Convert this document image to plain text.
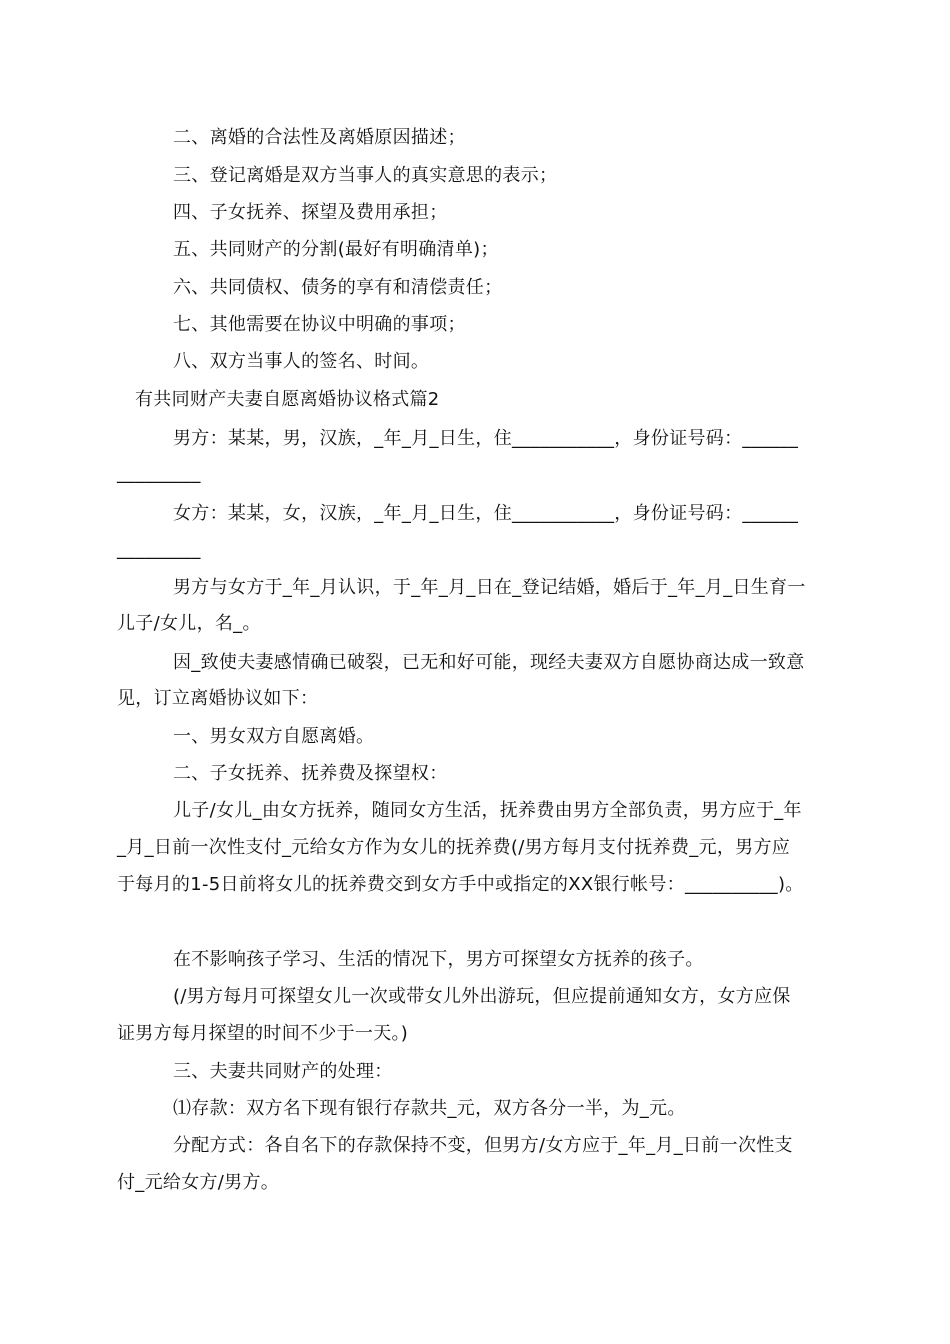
二、离婚的合法性及离婚原因描述；
三、登记离婚是双方当事人的真实意思的表示；
四、子女抚养、探望及费用承担；
五、共同财产的分割(最好有明确清单)；
六、共同债权、债务的享有和清偿责任；
七、其他需要在协议中明确的事项；
八、双方当事人的签名、时间。
有共同财产夫妻自愿离婚协议格式篇2
男方：某某，男，汉族，_年_月_日生，住___________，身份证号码：______
_________
女方：某某，女，汉族，_年_月_日生，住___________，身份证号码：______
_________
男方与女方于_年_月认识，于_年_月_日在_登记结婚，婚后于_年_月_日生育一
儿子/女儿，名_。
因_致使夫妻感情确已破裂，已无和好可能，现经夫妻双方自愿协商达成一致意
见，订立离婚协议如下：
一、男女双方自愿离婚。
二、子女抚养、抚养费及探望权：
儿子/女儿_由女方抚养，随同女方生活，抚养费由男方全部负责，男方应于_年
_月_日前一次性支付_元给女方作为女儿的抚养费(/男方每月支付抚养费_元，男方应
于每月的1-5日前将女儿的抚养费交到女方手中或指定的XX银行帐号：__________)。
在不影响孩子学习、生活的情况下，男方可探望女方抚养的孩子。
(/男方每月可探望女儿一次或带女儿外出游玩，但应提前通知女方，女方应保
证男方每月探望的时间不少于一天。)
三、夫妻共同财产的处理：
⑴存款：双方名下现有银行存款共_元，双方各分一半，为_元。
分配方式：各自名下的存款保持不变，但男方/女方应于_年_月_日前一次性支
付_元给女方/男方。
